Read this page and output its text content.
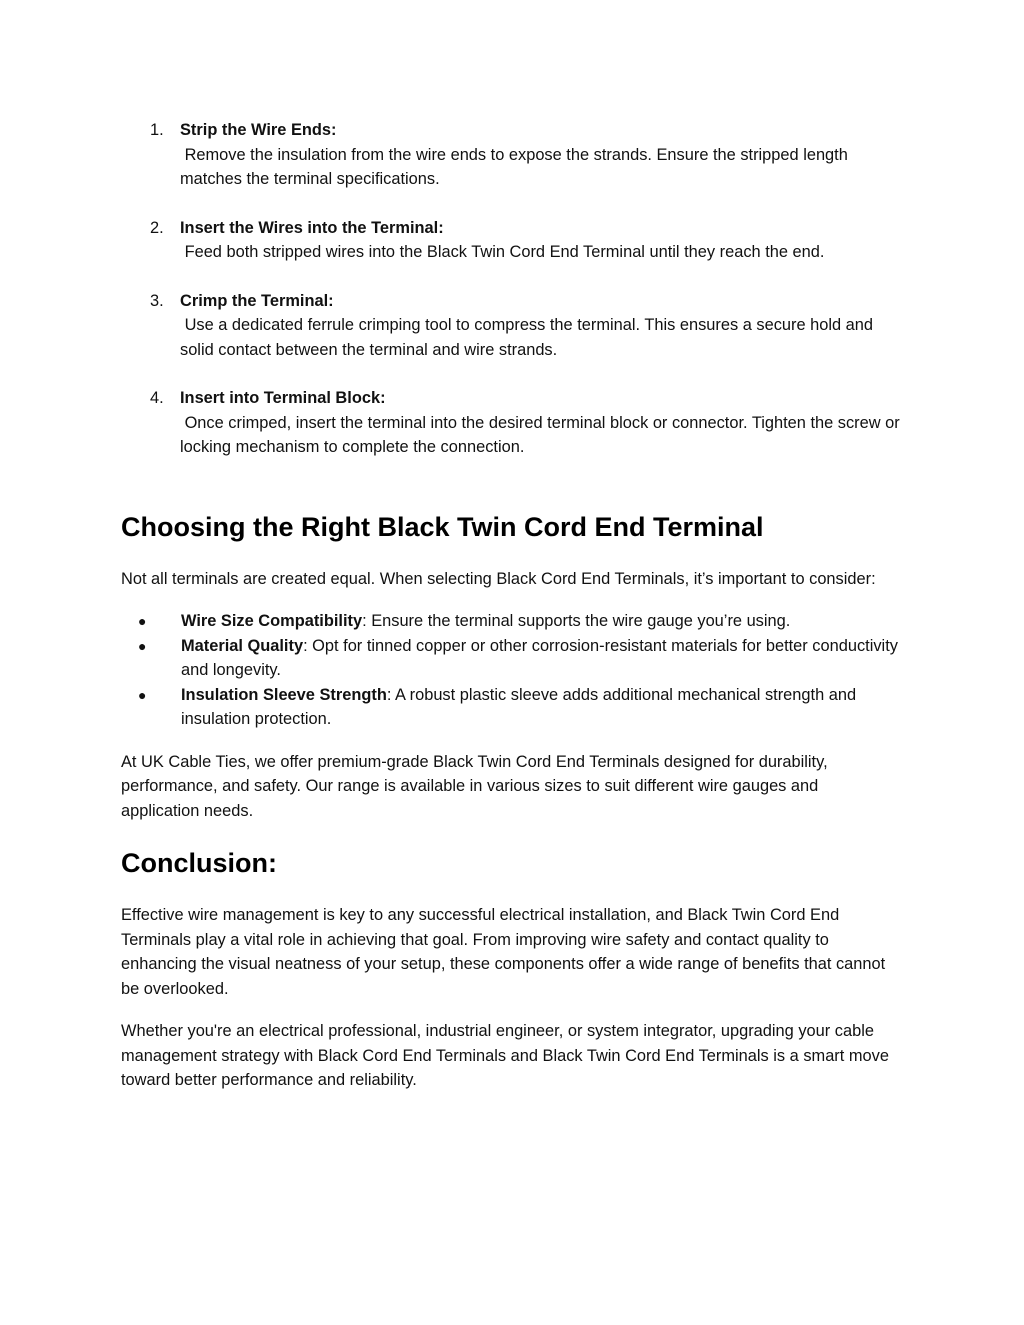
1. Strip the Wire Ends:
Remove the insulation from the wire ends to expose the strands. Ensure the stripped length matches the terminal specifications.
2. Insert the Wires into the Terminal:
Feed both stripped wires into the Black Twin Cord End Terminal until they reach the end.
3. Crimp the Terminal:
Use a dedicated ferrule crimping tool to compress the terminal. This ensures a secure hold and solid contact between the terminal and wire strands.
4. Insert into Terminal Block:
Once crimped, insert the terminal into the desired terminal block or connector. Tighten the screw or locking mechanism to complete the connection.
Choosing the Right Black Twin Cord End Terminal

Not all terminals are created equal. When selecting Black Cord End Terminals, it’s important to consider:

● Wire Size Compatibility: Ensure the terminal supports the wire gauge you’re using.
● Material Quality: Opt for tinned copper or other corrosion-resistant materials for better conductivity and longevity.
● Insulation Sleeve Strength: A robust plastic sleeve adds additional mechanical strength and insulation protection.

At UK Cable Ties, we offer premium-grade Black Twin Cord End Terminals designed for durability, performance, and safety. Our range is available in various sizes to suit different wire gauges and application needs.

Conclusion:

Effective wire management is key to any successful electrical installation, and Black Twin Cord End Terminals play a vital role in achieving that goal. From improving wire safety and contact quality to enhancing the visual neatness of your setup, these components offer a wide range of benefits that cannot be overlooked.

Whether you're an electrical professional, industrial engineer, or system integrator, upgrading your cable management strategy with Black Cord End Terminals and Black Twin Cord End Terminals is a smart move toward better performance and reliability.
